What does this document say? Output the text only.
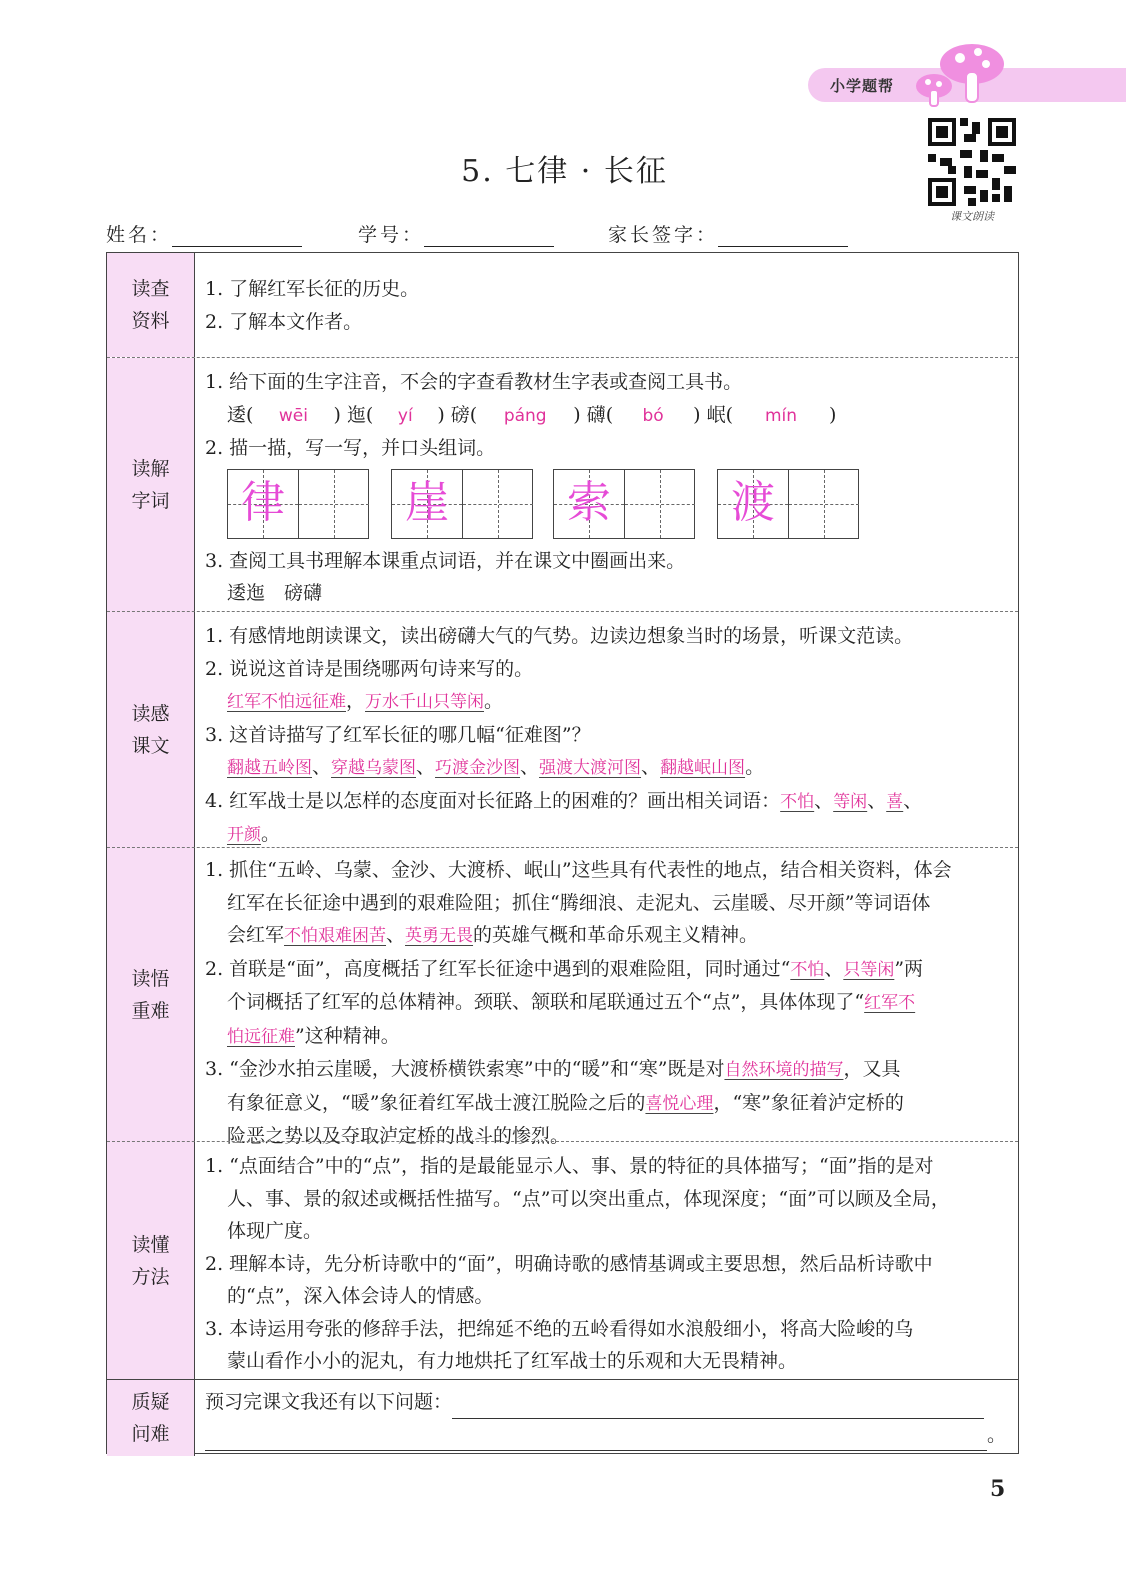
小学题帮
课文朗读
5. 七律 · 长征
姓名：	学号：	家长签字：
读查
资料
1. 了解红军长征的历史。
2. 了解本文作者。
读解
字词
1. 给下面的生字注音，不会的字查看教材生字表或查阅工具书。
逶( wēi ) 迤( yí ) 磅( páng ) 礴( bó ) 岷( mín )
2. 描一描，写一写，并口头组词。
律	崖	索	渡
3. 查阅工具书理解本课重点词语，并在课文中圈画出来。
逶迤　磅礴
读感
课文
1. 有感情地朗读课文，读出磅礴大气的气势。边读边想象当时的场景，听课文范读。
2. 说说这首诗是围绕哪两句诗来写的。
红军不怕远征难，万水千山只等闲。
3. 这首诗描写了红军长征的哪几幅“征难图”？
翻越五岭图、穿越乌蒙图、巧渡金沙图、强渡大渡河图、翻越岷山图。
4. 红军战士是以怎样的态度面对长征路上的困难的？画出相关词语：不怕、等闲、喜、
开颜。
读悟
重难
1. 抓住“五岭、乌蒙、金沙、大渡桥、岷山”这些具有代表性的地点，结合相关资料，体会
红军在长征途中遇到的艰难险阻；抓住“腾细浪、走泥丸、云崖暖、尽开颜”等词语体
会红军不怕艰难困苦、英勇无畏的英雄气概和革命乐观主义精神。
2. 首联是“面”，高度概括了红军长征途中遇到的艰难险阻，同时通过“不怕、只等闲”两
个词概括了红军的总体精神。颈联、颔联和尾联通过五个“点”，具体体现了“红军不
怕远征难”这种精神。
3. “金沙水拍云崖暖，大渡桥横铁索寒”中的“暖”和“寒”既是对自然环境的描写，又具
有象征意义，“暖”象征着红军战士渡江脱险之后的喜悦心理，“寒”象征着泸定桥的
险恶之势以及夺取泸定桥的战斗的惨烈。
读懂
方法
1. “点面结合”中的“点”，指的是最能显示人、事、景的特征的具体描写；“面”指的是对
人、事、景的叙述或概括性描写。“点”可以突出重点，体现深度；“面”可以顾及全局，
体现广度。
2. 理解本诗，先分析诗歌中的“面”，明确诗歌的感情基调或主要思想，然后品析诗歌中
的“点”，深入体会诗人的情感。
3. 本诗运用夸张的修辞手法，把绵延不绝的五岭看得如水浪般细小，将高大险峻的乌
蒙山看作小小的泥丸，有力地烘托了红军战士的乐观和大无畏精神。
质疑
问难
预习完课文我还有以下问题：
。
5
